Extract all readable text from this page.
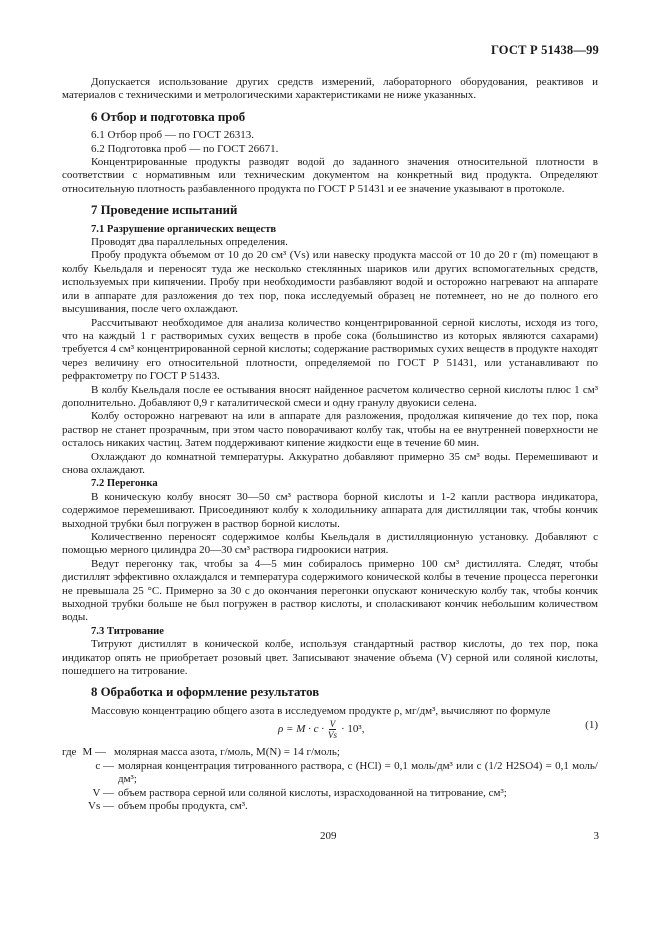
ГОСТ Р 51438—99

Допускается использование других средств измерений, лабораторного оборудования, реактивов и материалов с техническими и метрологическими характеристиками не ниже указанных.

6 Отбор и подготовка проб

6.1 Отбор проб — по ГОСТ 26313.

6.2 Подготовка проб — по ГОСТ 26671.

Концентрированные продукты разводят водой до заданного значения относительной плотности в соответствии с нормативным или техническим документом на конкретный вид продукта. Определяют относительную плотность разбавленного продукта по ГОСТ Р 51431 и ее значение указывают в протоколе.

7 Проведение испытаний
7.1 Разрушение органических веществ

Проводят два параллельных определения.

Пробу продукта объемом от 10 до 20 см³ (Vs) или навеску продукта массой от 10 до 20 г (m) помещают в колбу Кьельдаля и переносят туда же несколько стеклянных шариков или других вспомогательных средств, используемых при кипячении. Пробу при необходимости разбавляют водой и осторожно нагревают на аппарате или в аппарате для разложения до тех пор, пока исследуемый образец не потемнеет, но не до полного его высушивания, после чего охлаждают.

Рассчитывают необходимое для анализа количество концентрированной серной кислоты, исходя из того, что на каждый 1 г растворимых сухих веществ в пробе сока (большинство из которых являются сахарами) требуется 4 см³ концентрированной серной кислоты; содержание растворимых сухих веществ в продукте находят через величину его относительной плотности, определяемой по ГОСТ Р 51431, или устанавливают по рефрактометру по ГОСТ Р 51433.

В колбу Кьельдаля после ее остывания вносят найденное расчетом количество серной кислоты плюс 1 см³ дополнительно. Добавляют 0,9 г каталитической смеси и одну гранулу двуокиси селена.

Колбу осторожно нагревают на или в аппарате для разложения, продолжая кипячение до тех пор, пока раствор не станет прозрачным, при этом часто поворачивают колбу так, чтобы на ее внутренней поверхности не осталось никаких частиц. Затем поддерживают кипение жидкости еще в течение 60 мин.

Охлаждают до комнатной температуры. Аккуратно добавляют примерно 35 см³ воды. Перемешивают и снова охлаждают.

7.2 Перегонка

В коническую колбу вносят 30—50 см³ раствора борной кислоты и 1-2 капли раствора индикатора, содержимое перемешивают. Присоединяют колбу к холодильнику аппарата для дистилляции так, чтобы кончик выходной трубки был погружен в раствор борной кислоты.

Количественно переносят содержимое колбы Кьельдаля в дистилляционную установку. Добавляют с помощью мерного цилиндра 20—30 см³ раствора гидроокиси натрия.

Ведут перегонку так, чтобы за 4—5 мин собиралось примерно 100 см³ дистиллята. Следят, чтобы дистиллят эффективно охлаждался и температура содержимого конической колбы в течение процесса перегонки не превышала 25 °С. Примерно за 30 с до окончания перегонки опускают коническую колбу так, чтобы кончик выходной трубки больше не был погружен в раствор кислоты, и споласкивают кончик небольшим количеством воды.

7.3 Титрование

Титруют дистиллят в конической колбе, используя стандартный раствор кислоты, до тех пор, пока индикатор опять не приобретает розовый цвет. Записывают значение объема (V) серной или соляной кислоты, пошедшего на титрование.

8 Обработка и оформление результатов

Массовую концентрацию общего азота в исследуемом продукте ρ, мг/дм³, вычисляют по формуле

$\rho = M \cdot c \cdot \frac{V}{Vs} \cdot 10^3$,	(1)
где M — молярная масса азота, г/моль, M(N) = 14 г/моль;
c — молярная концентрация титрованного раствора, c (HCl) = 0,1 моль/дм³ или c (1/2 H2SO4) = 0,1 моль/дм³;
V — объем раствора серной или соляной кислоты, израсходованной на титрование, см³;
Vs — объем пробы продукта, см³.
209	3
